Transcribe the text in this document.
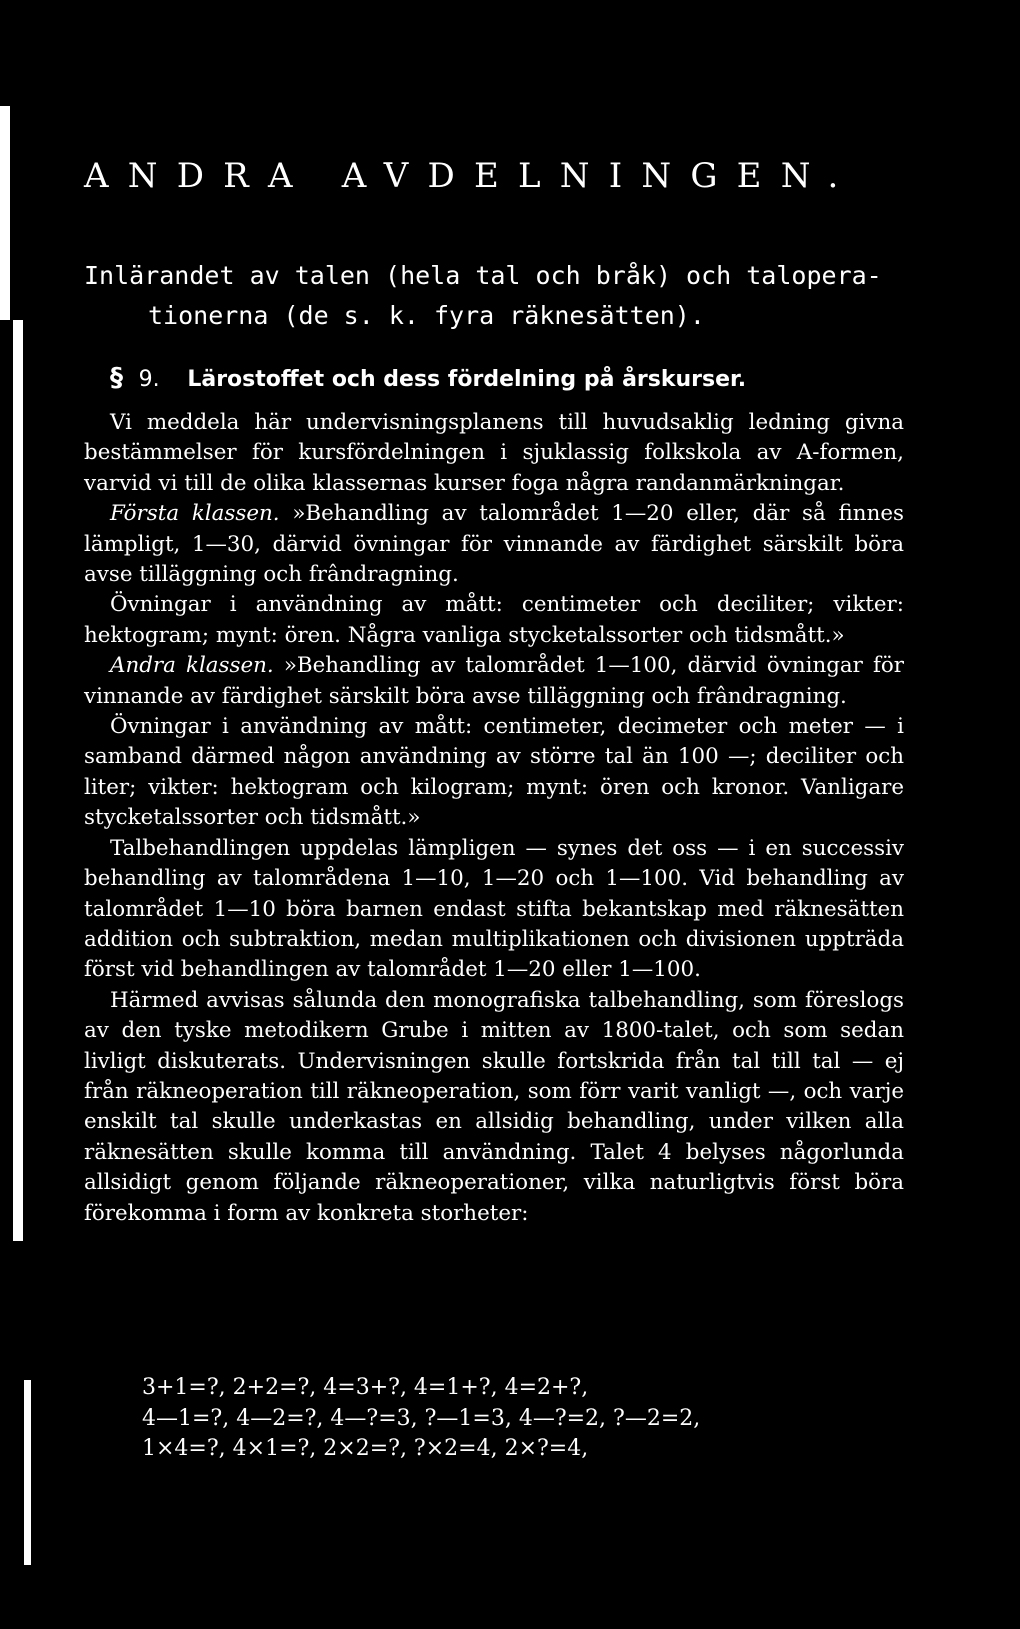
ANDRA AVDELNINGEN.
Inlärandet av talen (hela tal och bråk) och talopera-
tionerna (de s. k. fyra räknesätten).
§ 9. Lärostoffet och dess fördelning på årskurser.

Vi meddela här undervisningsplanens till huvudsaklig ledning givna bestämmelser för kursfördelningen i sjuklassig folkskola av A-formen, varvid vi till de olika klassernas kurser foga några randanmärkningar.

Första klassen. »Behandling av talområdet 1—20 eller, där så finnes lämpligt, 1—30, därvid övningar för vinnande av färdighet särskilt böra avse tilläggning och frândragning.

Övningar i användning av mått: centimeter och deciliter; vikter: hektogram; mynt: ören. Några vanliga stycketalssorter och tidsmått.»

Andra klassen. »Behandling av talområdet 1—100, därvid övningar för vinnande av färdighet särskilt böra avse tilläggning och frândragning.

Övningar i användning av mått: centimeter, decimeter och meter — i samband därmed någon användning av större tal än 100 —; deciliter och liter; vikter: hektogram och kilogram; mynt: ören och kronor. Vanligare stycketalssorter och tidsmått.»

Talbehandlingen uppdelas lämpligen — synes det oss — i en successiv behandling av talområdena 1—10, 1—20 och 1—100. Vid behandling av talområdet 1—10 böra barnen endast stifta bekantskap med räknesätten addition och subtraktion, medan multiplikationen och divisionen uppträda först vid behandlingen av talområdet 1—20 eller 1—100.

Härmed avvisas sålunda den monografiska talbehandling, som föreslogs av den tyske metodikern Grube i mitten av 1800-talet, och som sedan livligt diskuterats. Undervisningen skulle fortskrida från tal till tal — ej från räkneoperation till räkneoperation, som förr varit vanligt —, och varje enskilt tal skulle underkastas en allsidig behandling, under vilken alla räknesätten skulle komma till användning. Talet 4 belyses någorlunda allsidigt genom följande räkneoperationer, vilka naturligtvis först böra förekomma i form av konkreta storheter:

3+1=?, 2+2=?, 4=3+?, 4=1+?, 4=2+?,
4—1=?, 4—2=?, 4—?=3, ?—1=3, 4—?=2, ?—2=2,
1×4=?, 4×1=?, 2×2=?, ?×2=4, 2×?=4,
